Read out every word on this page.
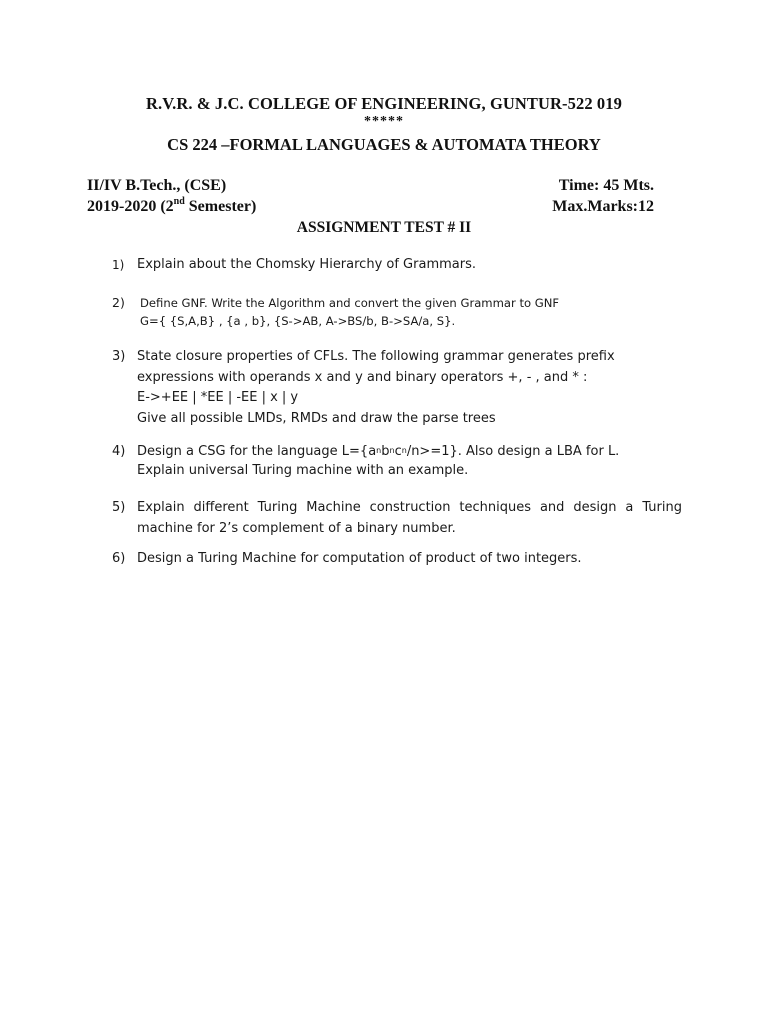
R.V.R. & J.C. COLLEGE OF ENGINEERING, GUNTUR-522 019
*****
CS 224 –FORMAL LANGUAGES & AUTOMATA THEORY
II/IV B.Tech., (CSE)
2019-2020 (2nd Semester)
Time: 45 Mts.
Max.Marks:12
ASSIGNMENT TEST # II
1) Explain about the Chomsky Hierarchy of Grammars.
2) Define GNF. Write the Algorithm and convert the given Grammar to GNF
G={ {S,A,B} , {a , b}, {S->AB, A->BS/b, B->SA/a, S}.
3) State closure properties of CFLs. The following grammar generates prefix
expressions with operands x and y and binary operators +, - , and * :
E->+EE | *EE | -EE | x | y
Give all possible LMDs, RMDs and draw the parse trees
4) Design a CSG for the language $L=\{a^nb^nc^n/n>=1\}$. Also design a LBA for L.
Explain universal Turing machine with an example.
5) Explain different Turing Machine construction techniques and design a Turing machine for 2’s complement of a binary number.
6) Design a Turing Machine for computation of product of two integers.
